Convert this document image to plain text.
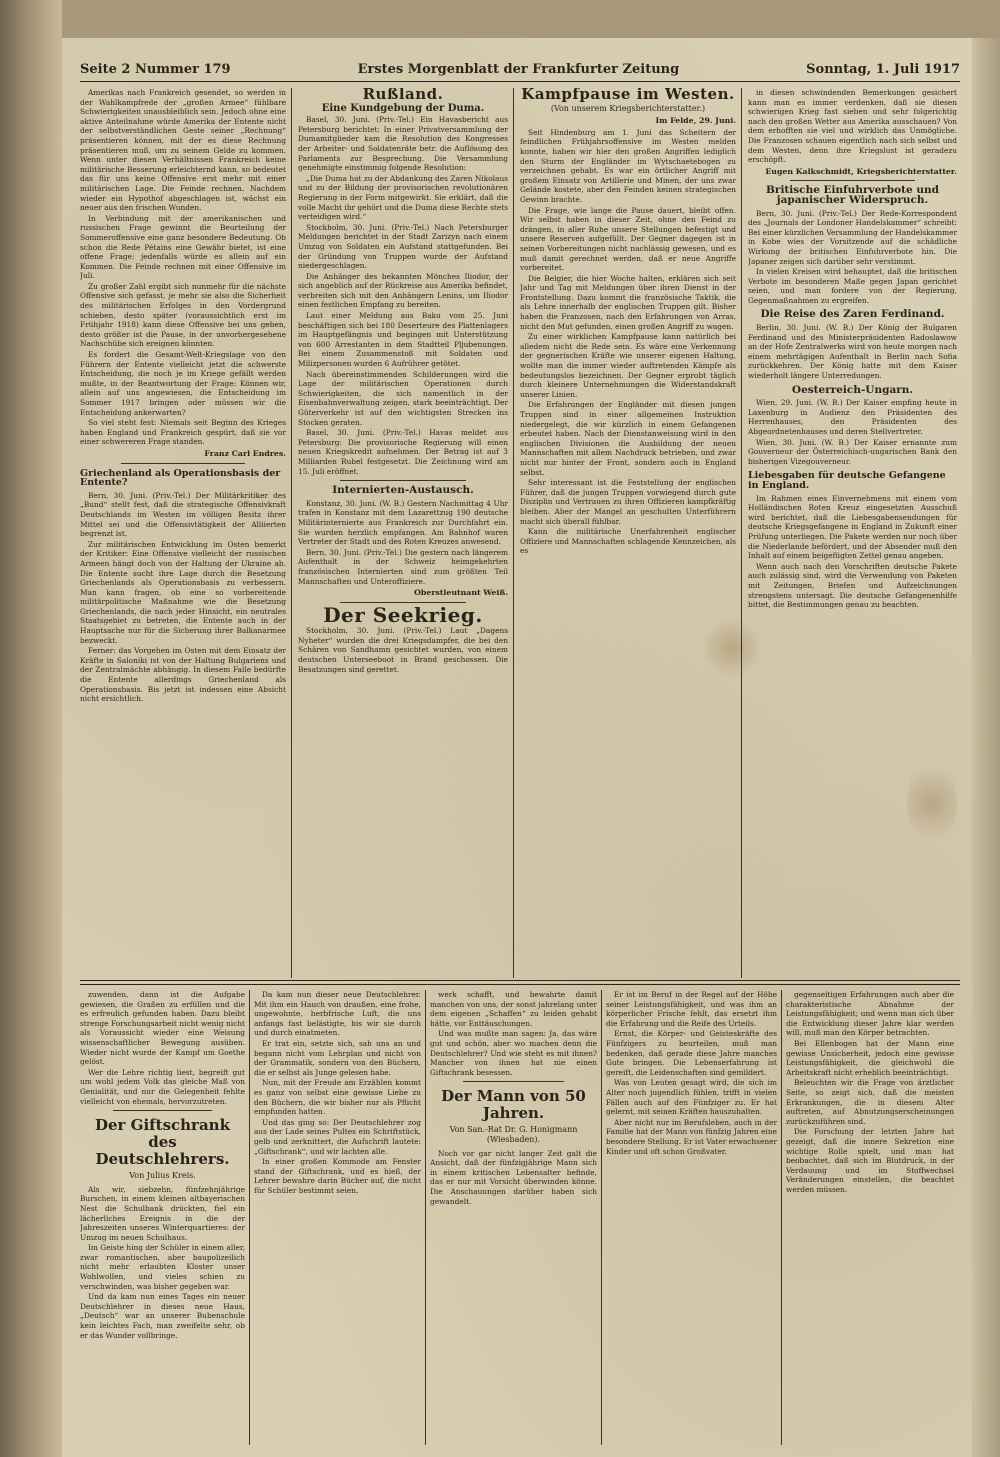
Seite 2 Nummer 179	Erstes Morgenblatt der Frankfurter Zeitung	Sonntag, 1. Juli 1917

Amerikas nach Frankreich gesendet, so werden in der Wahlkampfrede der „großen Armee“ fühlbare Schwierigkeiten unausbleiblich sein. Jedoch ohne eine aktive Anteilnahme würde Amerika der Entente nicht der selbstverständlichen Geste seiner „Rechnung“ präsentieren können, mit der es diese Rechnung präsentieren muß, um zu seinem Gelde zu kommen. Wenn unter diesen Verhältnissen Frankreich keine militärische Besserung erleichternd kann, so bedeutet das für uns keine Offensive erst mehr mit einer militärischen Lage. Die Feinde rechnen. Nachdem wieder ein Hypothof abgeschlagen ist, wächst ein neuer aus den frischen Wunden.

In Verbindung mit der amerikanischen und russischen Frage gewinnt die Beurteilung der Sommeroffensive eine ganz besondere Bedeutung. Ob schon die Rede Pétains eine Gewähr bietet, ist eine offene Frage; jedenfalls würde es allein auf ein Kommen. Die Feinde rechnen mit einer Offensive im Juli.

Zu großer Zahl ergibt sich nunmehr für die nächste Offensive sich gefasst, je mehr sie also die Sicherheit des militärischen Erfolges in den Vordergrund schieben, desto später (voraussichtlich erst im Frühjahr 1918) kann diese Offensive bei uns geben, desto größer ist die Pause, in der unvorhergesehene Nachschübe sich ereignen könnten.

Es fordert die Gesamt-Welt-Kriegslage von den Führern der Entente vielleicht jetzt die schwerste Entscheidung, die noch je im Kriege gefällt werden mußte, in der Beantwortung der Frage: Können wir, allein auf uns angewiesen, die Entscheidung im Sommer 1917 bringen oder müssen wir die Entscheidung ankerwarten?

So viel steht fest: Niemals seit Beginn des Krieges haben England und Frankreich gespürt, daß sie vor einer schwereren Frage standen.

Franz Carl Endres.
Griechenland als Operationsbasis der Entente?

Bern, 30. Juni. (Priv.-Tel.) Der Militärkritiker des „Bund“ stellt fest, daß die strategische Offensivkraft Deutschlands im Westen im völligen Besitz ihrer Mittel sei und die Offensivtätigkeit der Alliierten begrenzt ist.

Zur militärischen Entwicklung im Osten bemerkt der Kritiker: Eine Offensive vielleicht der russischen Armeen hängt doch von der Haltung der Ukraine ab. Die Entente sucht ihre Lage durch die Besetzung Griechenlands als Operationsbasis zu verbessern. Man kann fragen, ob eine so vorbereitende militärpolitische Maßnahme wie die Besetzung Griechenlands, die nach jeder Hinsicht, ein neutrales Staatsgebiet zu betreten, die Entente auch in der Hauptsache nur für die Sicherung ihrer Balkanarmee bezweckt.

Ferner: das Vorgehen im Osten mit dem Einsatz der Kräfte in Saloniki ist von der Haltung Bulgariens und der Zentralmächte abhängig. In diesem Falle bedürfte die Entente allerdings Griechenland als Operationsbasis. Bis jetzt ist indessen eine Absicht nicht ersichtlich.

Rußland.
Eine Kundgebung der Duma.

Basel, 30. Juni. (Priv.-Tel.) Ein Havasbericht aus Petersburg berichtet: In einer Privatversammlung der Dumamitglieder kam die Resolution des Kongresses der Arbeiter- und Soldatenräte betr. die Auflösung des Parlaments zur Besprechung. Die Versammlung genehmigte einstimmig folgende Resolution:

„Die Duma hat zu der Abdankung des Zaren Nikolaus und zu der Bildung der provisorischen revolutionären Regierung in der Form mitgewirkt. Sie erklärt, daß die volle Macht ihr gehört und die Duma diese Rechte stets verteidigen wird.“

Stockholm, 30. Juni. (Priv.-Tel.) Nach Petersburger Meldungen berichtet in der Stadt Zarizyn nach einem Umzug von Soldaten ein Aufstand stattgefunden. Bei der Gründung von Truppen wurde der Aufstand niedergeschlagen.

Die Anhänger des bekannten Mönches Iliodor, der sich angeblich auf der Rückreise aus Amerika befindet, verbreiten sich mit den Anhängern Lenins, um Iliodor einen festlichen Empfang zu bereiten.

Laut einer Meldung aus Baku vom 25. Juni beschäftigen sich bei 180 Deserteure des Plattenlagers im Hauptgefängnis und begingen mit Unterstützung von 600 Arrestanten in dem Stadtteil Pljubenungen. Bei einem Zusammenstoß mit Soldaten und Milizpersonen wurden 6 Aufrührer getötet.

Nach übereinstimmenden Schilderungen wird die Lage der militärischen Operationen durch Schwierigkeiten, die sich namentlich in der Eisenbahnverwaltung zeigen, stark beeinträchtigt. Der Güterverkehr ist auf den wichtigsten Strecken ins Stocken geraten.

Basel, 30. Juni. (Priv.-Tel.) Havas meldet aus Petersburg: Die provisorische Regierung will einen neuen Kriegskredit aufnehmen. Der Betrag ist auf 3 Milliarden Rubel festgesetzt. Die Zeichnung wird am 15. Juli eröffnet.

Internierten-Austausch.

Konstanz, 30. Juni. (W. B.) Gestern Nachmittag 4 Uhr trafen in Konstanz mit dem Lazarettzug 190 deutsche Militärinternierte aus Frankreich zur Durchfahrt ein. Sie wurden herzlich empfangen. Am Bahnhof waren Vertreter der Stadt und des Roten Kreuzes anwesend.

Bern, 30. Juni. (Priv.-Tel.) Die gestern nach längerem Aufenthalt in der Schweiz heimgekehrten französischen Internierten sind zum größten Teil Mannschaften und Unteroffiziere.

Oberstleutnant Weiß.
Der Seekrieg.

Stockholm, 30. Juni. (Priv.-Tel.) Laut „Dagens Nyheter“ wurden die drei Kriegsdampfer, die bei den Schären von Sandhamn gesichtet wurden, von einem deutschen Unterseeboot in Brand geschossen. Die Besatzungen sind gerettet.

Kampfpause im Westen.
(Von unserem Kriegsberichterstatter.)
Im Felde, 29. Juni.

Seit Hindenburg am 1. Juni das Scheitern der feindlichen Frühjahrsoffensive im Westen melden konnte, haben wir hier den großen Angriffen lediglich den Sturm der Engländer im Wytschaetebogen zu verzeichnen gehabt. Es war ein örtlicher Angriff mit großem Einsatz von Artillerie und Minen, der uns zwar Gelände kostete, aber den Feinden keinen strategischen Gewinn brachte.

Die Frage, wie lange die Pause dauert, bleibt offen. Wir selbst haben in dieser Zeit, ohne den Feind zu drängen, in aller Ruhe unsere Stellungen befestigt und unsere Reserven aufgefüllt. Der Gegner dagegen ist in seinen Vorbereitungen nicht nachlässig gewesen, und es muß damit gerechnet werden, daß er neue Angriffe vorbereitet.

Die Belgier, die hier Woche halten, erklären sich seit Jahr und Tag mit Meldungen über ihren Dienst in der Frontstellung. Dazu kommt die französische Taktik, die als Lehre innerhalb der englischen Truppen gilt. Bisher haben die Franzosen, nach den Erfahrungen von Arras, nicht den Mut gefunden, einen großen Angriff zu wagen.

Zu einer wirklichen Kampfpause kann natürlich bei alledem nicht die Rede sein. Es wäre eine Verkennung der gegnerischen Kräfte wie unserer eigenen Haltung, wollte man die immer wieder auftretenden Kämpfe als bedeutungslos bezeichnen. Der Gegner erprobt täglich durch kleinere Unternehmungen die Widerstandskraft unserer Linien.

Die Erfahrungen der Engländer mit diesen jungen Truppen sind in einer allgemeinen Instruktion niedergelegt, die wir kürzlich in einem Gefangenen erbeutet haben. Nach der Dienstanweisung wird in den englischen Divisionen die Ausbildung der neuen Mannschaften mit allem Nachdruck betrieben, und zwar nicht nur hinter der Front, sondern auch in England selbst.

Sehr interessant ist die Feststellung der englischen Führer, daß die jungen Truppen vorwiegend durch gute Disziplin und Vertrauen zu ihren Offizieren kampfkräftig bleiben. Aber der Mangel an geschulten Unterführern macht sich überall fühlbar.

Kann die militärische Unerfahrenheit englischer Offiziere und Mannschaften schlagende Kennzeichen, als es

in diesen schwindenden Bemerkungen gesichert kann man es immer verdenken, daß sie diesen schwierigen Krieg fast sieben und sehr folgerichtig nach den großen Wetter aus Amerika ausschauen? Von dem erhofften sie viel und wirklich das Unmögliche. Die Franzosen schauen eigentlich nach sich selbst und dem Westen, denn ihre Kriegslust ist geradezu erschöpft.

Eugen Kalkschmidt, Kriegsberichterstatter.
Britische Einfuhrverbote und japanischer Widerspruch.

Bern, 30. Juni. (Priv.-Tel.) Der Rede-Korrespondent des „Journals der Londoner Handelskammer“ schreibt: Bei einer kürzlichen Versammlung der Handelskammer in Kobe wies der Vorsitzende auf die schädliche Wirkung der britischen Einfuhrverbote hin. Die Japaner zeigen sich darüber sehr verstimmt.

In vielen Kreisen wird behauptet, daß die britischen Verbote im besonderen Maße gegen Japan gerichtet seien, und man fordere von der Regierung, Gegenmaßnahmen zu ergreifen.

Die Reise des Zaren Ferdinand.

Berlin, 30. Juni. (W. B.) Der König der Bulgaren Ferdinand und des Ministerpräsidenten Radoslawow an der Hofe Zentralwerks wird von heute morgen nach einem mehrtägigen Aufenthalt in Berlin nach Sofia zurückkehren. Der König hatte mit dem Kaiser wiederholt längere Unterredungen.

Oesterreich-Ungarn.

Wien, 29. Juni. (W. B.) Der Kaiser empfing heute in Laxenburg in Audienz den Präsidenten des Herrenhauses, den Präsidenten des Abgeordnetenhauses und deren Stellvertreter.

Wien, 30. Juni. (W. B.) Der Kaiser ernannte zum Gouverneur der Österreichisch-ungarischen Bank den bisherigen Vizegouverneur.

Liebesgaben für deutsche Gefangene in England.

Im Rahmen eines Einvernehmens mit einem vom Holländischen Roten Kreuz eingesetzten Ausschuß wird berichtet, daß die Liebesgabensendungen für deutsche Kriegsgefangene in England in Zukunft einer Prüfung unterliegen. Die Pakete werden nur noch über die Niederlande befördert, und der Absender muß den Inhalt auf einem beigefügten Zettel genau angeben.

Wenn auch nach den Vorschriften deutsche Pakete auch zulässig sind, wird die Verwendung von Paketen mit Zeitungen, Briefen und Aufzeichnungen strengstens untersagt. Die deutsche Gefangenenhilfe bittet, die Bestimmungen genau zu beachten.

zuwenden, dann ist die Aufgabe gewiesen, die Graßen zu erfüllen und die es erfreulich gefunden haben. Dazu bleibt strenge Forschungsarbeit nicht wenig nicht als Voraussicht wieder eine Weisung wissenschaftlicher Bewegung ausüben. Wieder nicht wurde der Kampf um Goethe gelöst.

Wer die Lehre richtig liest, begreift gut um wohl jedem Volk das gleiche Maß von Genialität, und nur die Gelegenheit fehlte vielleicht von ehemals, hervorzutreten.

Der Giftschrank des Deutschlehrers.
Von Julius Kreis.

Als wir, siebzehn, fünfzehnjährige Burschen, in einem kleinen altbayerischen Nest die Schulbank drückten, fiel ein lächerliches Ereignis in die der Jahreszeiten unseres Winterquartieres: der Umzug im neuen Schulhaus.

Im Geiste hing der Schüler in einem aller, zwar romantischen, aber baupolizeilich nicht mehr erlaubten Kloster unser Wohlwollen, und vieles schien zu verschwinden, was bisher gegeben war.

Und da kam nun eines Tages ein neuer Deutschlehrer in dieses neue Haus, „Deutsch“ war an unserer Bubenschule kein leichtes Fach, man zweifelte sehr, ob er das Wunder vollbringe.

Da kam nun dieser neue Deutschlehrer. Mit ihm ein Hauch von draußen, eine frohe, ungewohnte, herbfrische Luft, die uns anfangs fast belästigte, bis wir sie durch und durch einatmeten.

Er trat ein, setzte sich, sah uns an und begann nicht vom Lehrplan und nicht von der Grammatik, sondern von den Büchern, die er selbst als Junge gelesen habe.

Nun, mit der Freude am Erzählen kommt es ganz von selbst eine gewisse Liebe zu den Büchern, die wir bisher nur als Pflicht empfunden hatten.

Und das ging so: Der Deutschlehrer zog aus der Lade seines Pultes ein Schriftstück, gelb und zerknittert, die Aufschrift lautete: „Giftschrank“, und wir lachten alle.

In einer großen Kommode am Fenster stand der Giftschrank, und es hieß, der Lehrer bewahre darin Bücher auf, die nicht für Schüler bestimmt seien.

werk schafft, und bewahrte damit manchen von uns, der sonst jahrelang unter dem eigenen „Schaffen“ zu leiden gehabt hätte, vor Enttäuschungen.

Und was mußte man sagen: Ja, das wäre gut und schön, aber wo machen denn die Deutschlehrer? Und wie steht es mit ihnen? Mancher von ihnen hat nie einen Giftschrank besessen.

Der Mann von 50 Jahren.
Von San.-Rat Dr. G. Honigmann (Wiesbaden).

Noch vor gar nicht langer Zeit galt die Ansicht, daß der fünfzigjährige Mann sich in einem kritischen Lebensalter befinde, das er nur mit Vorsicht überwinden könne. Die Anschauungen darüber haben sich gewandelt.

Er ist im Beruf in der Regel auf der Höhe seiner Leistungsfähigkeit, und was ihm an körperlicher Frische fehlt, das ersetzt ihm die Erfahrung und die Reife des Urteils.

Ernst, die Körper- und Geisteskräfte des Fünfzigers zu beurteilen, muß man bedenken, daß gerade diese Jahre manches Gute bringen. Die Lebenserfahrung ist gereift, die Leidenschaften sind gemildert.

Was von Leuten gesagt wird, die sich im Alter noch jugendlich fühlen, trifft in vielen Fällen auch auf den Fünfziger zu. Er hat gelernt, mit seinen Kräften hauszuhalten.

Aber nicht nur im Berufsleben, auch in der Familie hat der Mann von fünfzig Jahren eine besondere Stellung. Er ist Vater erwachsener Kinder und oft schon Großvater.

gegenseitigen Erfahrungen auch aber die charakteristische Abnahme der Leistungsfähigkeit; und wenn man sich über die Entwicklung dieser Jahre klar werden will, muß man den Körper betrachten.

Bei Ellenbogen hat der Mann eine gewisse Unsicherheit, jedoch eine gewisse Leistungsfähigkeit, die gleichwohl die Arbeitskraft nicht erheblich beeinträchtigt.

Beleuchten wir die Frage von ärztlicher Seite, so zeigt sich, daß die meisten Erkrankungen, die in diesem Alter auftreten, auf Abnutzungserscheinungen zurückzuführen sind.

Die Forschung der letzten Jahre hat gezeigt, daß die innere Sekretion eine wichtige Rolle spielt, und man hat beobachtet, daß sich im Blutdruck, in der Verdauung und im Stoffwechsel Veränderungen einstellen, die beachtet werden müssen.
